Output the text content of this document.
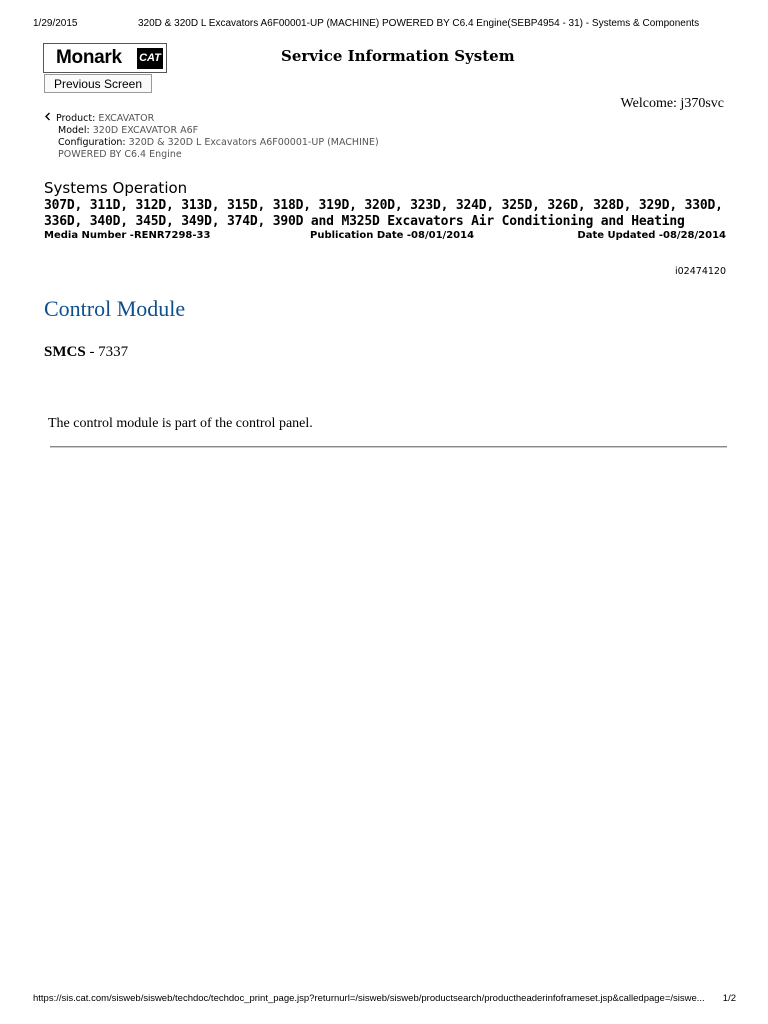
1/29/2015	320D & 320D L Excavators A6F00001-UP (MACHINE) POWERED BY C6.4 Engine(SEBP4954 - 31) - Systems & Components
Monark CAT
Previous Screen
Service Information System
Welcome: j370svc
Product: EXCAVATOR
Model: 320D EXCAVATOR A6F
Configuration: 320D & 320D L Excavators A6F00001-UP (MACHINE)
POWERED BY C6.4 Engine
Systems Operation
307D, 311D, 312D, 313D, 315D, 318D, 319D, 320D, 323D, 324D, 325D, 326D, 328D, 329D, 330D,
336D, 340D, 345D, 349D, 374D, 390D and M325D Excavators Air Conditioning and Heating
Media Number -RENR7298-33	Publication Date -08/01/2014	Date Updated -08/28/2014
i02474120
Control Module
SMCS - 7337
The control module is part of the control panel.
https://sis.cat.com/sisweb/sisweb/techdoc/techdoc_print_page.jsp?returnurl=/sisweb/sisweb/productsearch/productheaderinfoframeset.jsp&calledpage=/siswe... 1/2
